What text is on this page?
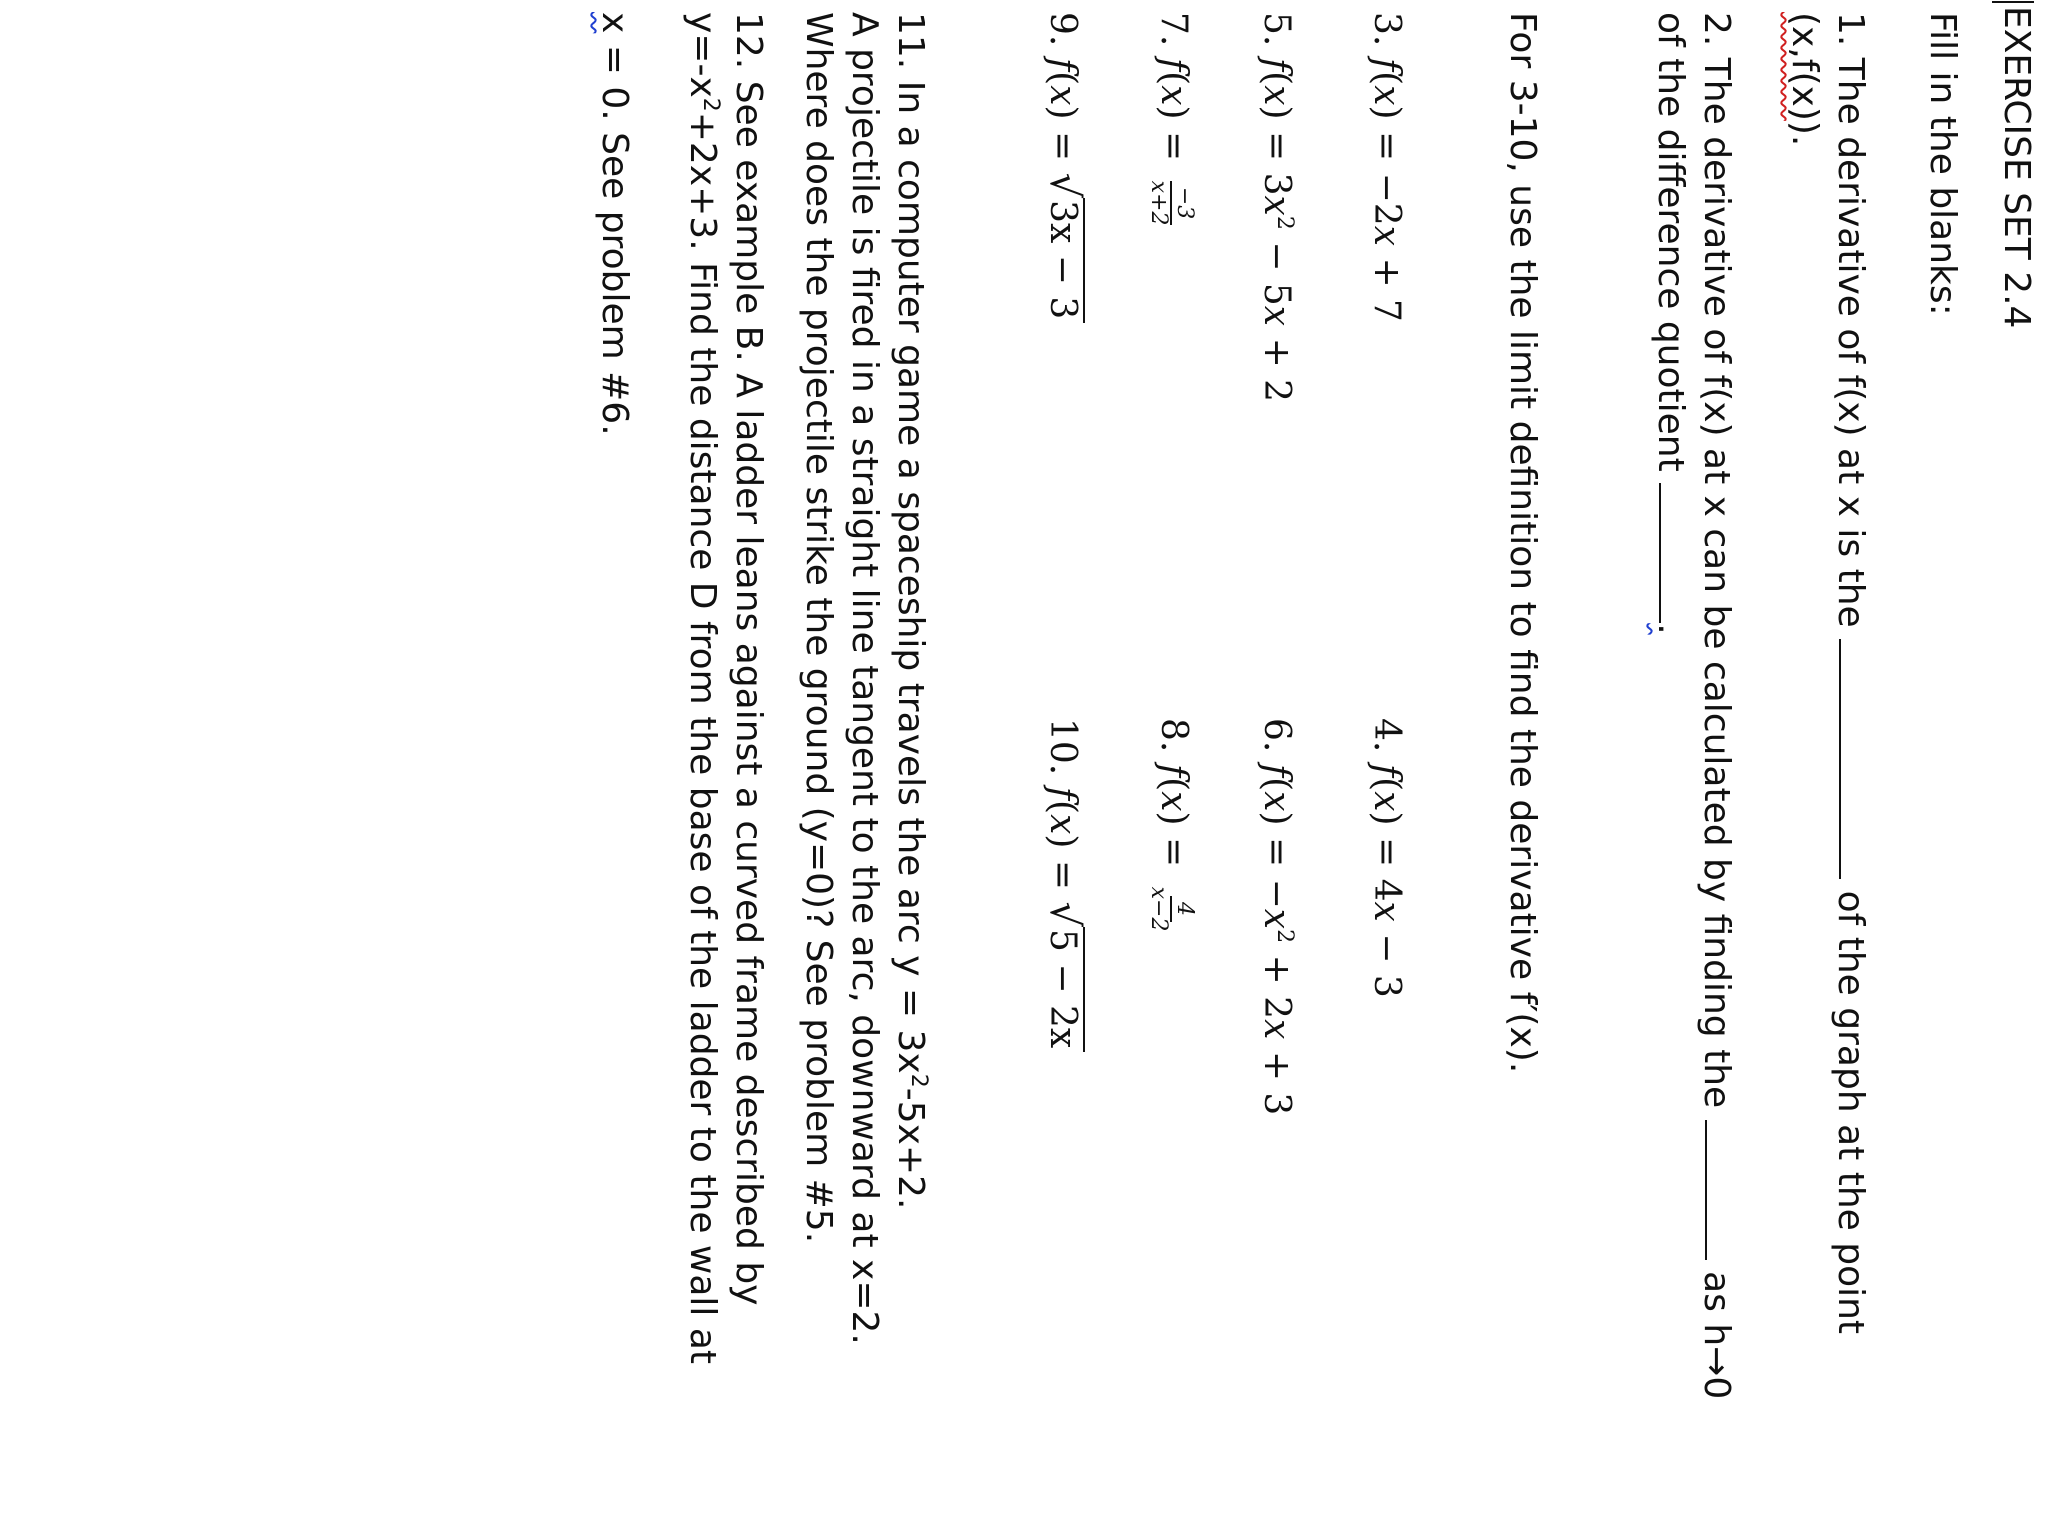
EXERCISE SET 2.4
Fill in the blanks:
1. The derivative of f(x) at x is the  of the graph at the point
(x,f(x)).
2. The derivative of f(x) at x can be calculated by finding the  as h→0
of the difference quotient .
For 3-10, use the limit definition to find the derivative f′(x).
3. f(x) = −2x + 7
4. f(x) = 4x − 3
5. $f(x) = 3x^2 - 5x + 2$
6. $f(x) = -x^2 + 2x + 3$
7. f(x) =
−3
x+2
8. f(x) =
4
x−2
9. f(x) = √3x − 3
10. f(x) = √5 − 2x
11. In a computer game a spaceship travels the arc $y = 3x^2-5x+2$.
A projectile is fired in a straight line tangent to the arc, downward at x=2.
Where does the projectile strike the ground (y=0)? See problem #5.
12. See example B. A ladder leans against a curved frame described by
$y=-x^2+2x+3$. Find the distance D from the base of the ladder to the wall at
x = 0. See problem #6.
